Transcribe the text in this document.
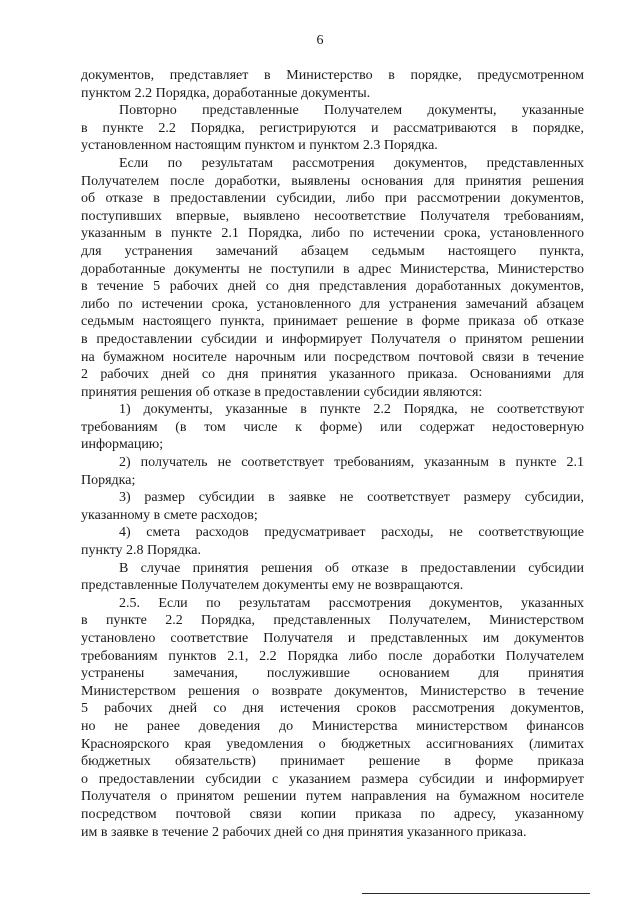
6
документов, представляет в Министерство в порядке, предусмотренном
пунктом 2.2 Порядка, доработанные документы.
Повторно представленные Получателем документы, указанные
в пункте 2.2 Порядка, регистрируются и рассматриваются в порядке,
установленном настоящим пунктом и пунктом 2.3 Порядка.
Если по результатам рассмотрения документов, представленных
Получателем после доработки, выявлены основания для принятия решения
об отказе в предоставлении субсидии, либо при рассмотрении документов,
поступивших впервые, выявлено несоответствие Получателя требованиям,
указанным в пункте 2.1 Порядка, либо по истечении срока, установленного
для устранения замечаний абзацем седьмым настоящего пункта,
доработанные документы не поступили в адрес Министерства, Министерство
в течение 5 рабочих дней со дня представления доработанных документов,
либо по истечении срока, установленного для устранения замечаний абзацем
седьмым настоящего пункта, принимает решение в форме приказа об отказе
в предоставлении субсидии и информирует Получателя о принятом решении
на бумажном носителе нарочным или посредством почтовой связи в течение
2 рабочих дней со дня принятия указанного приказа. Основаниями для
принятия решения об отказе в предоставлении субсидии являются:
1) документы, указанные в пункте 2.2 Порядка, не соответствуют
требованиям (в том числе к форме) или содержат недостоверную
информацию;
2) получатель не соответствует требованиям, указанным в пункте 2.1
Порядка;
3) размер субсидии в заявке не соответствует размеру субсидии,
указанному в смете расходов;
4) смета расходов предусматривает расходы, не соответствующие
пункту 2.8 Порядка.
В случае принятия решения об отказе в предоставлении субсидии
представленные Получателем документы ему не возвращаются.
2.5. Если по результатам рассмотрения документов, указанных
в пункте 2.2 Порядка, представленных Получателем, Министерством
установлено соответствие Получателя и представленных им документов
требованиям пунктов 2.1, 2.2 Порядка либо после доработки Получателем
устранены замечания, послужившие основанием для принятия
Министерством решения о возврате документов, Министерство в течение
5 рабочих дней со дня истечения сроков рассмотрения документов,
но не ранее доведения до Министерства министерством финансов
Красноярского края уведомления о бюджетных ассигнованиях (лимитах
бюджетных обязательств) принимает решение в форме приказа
о предоставлении субсидии с указанием размера субсидии и информирует
Получателя о принятом решении путем направления на бумажном носителе
посредством почтовой связи копии приказа по адресу, указанному
им в заявке в течение 2 рабочих дней со дня принятия указанного приказа.
